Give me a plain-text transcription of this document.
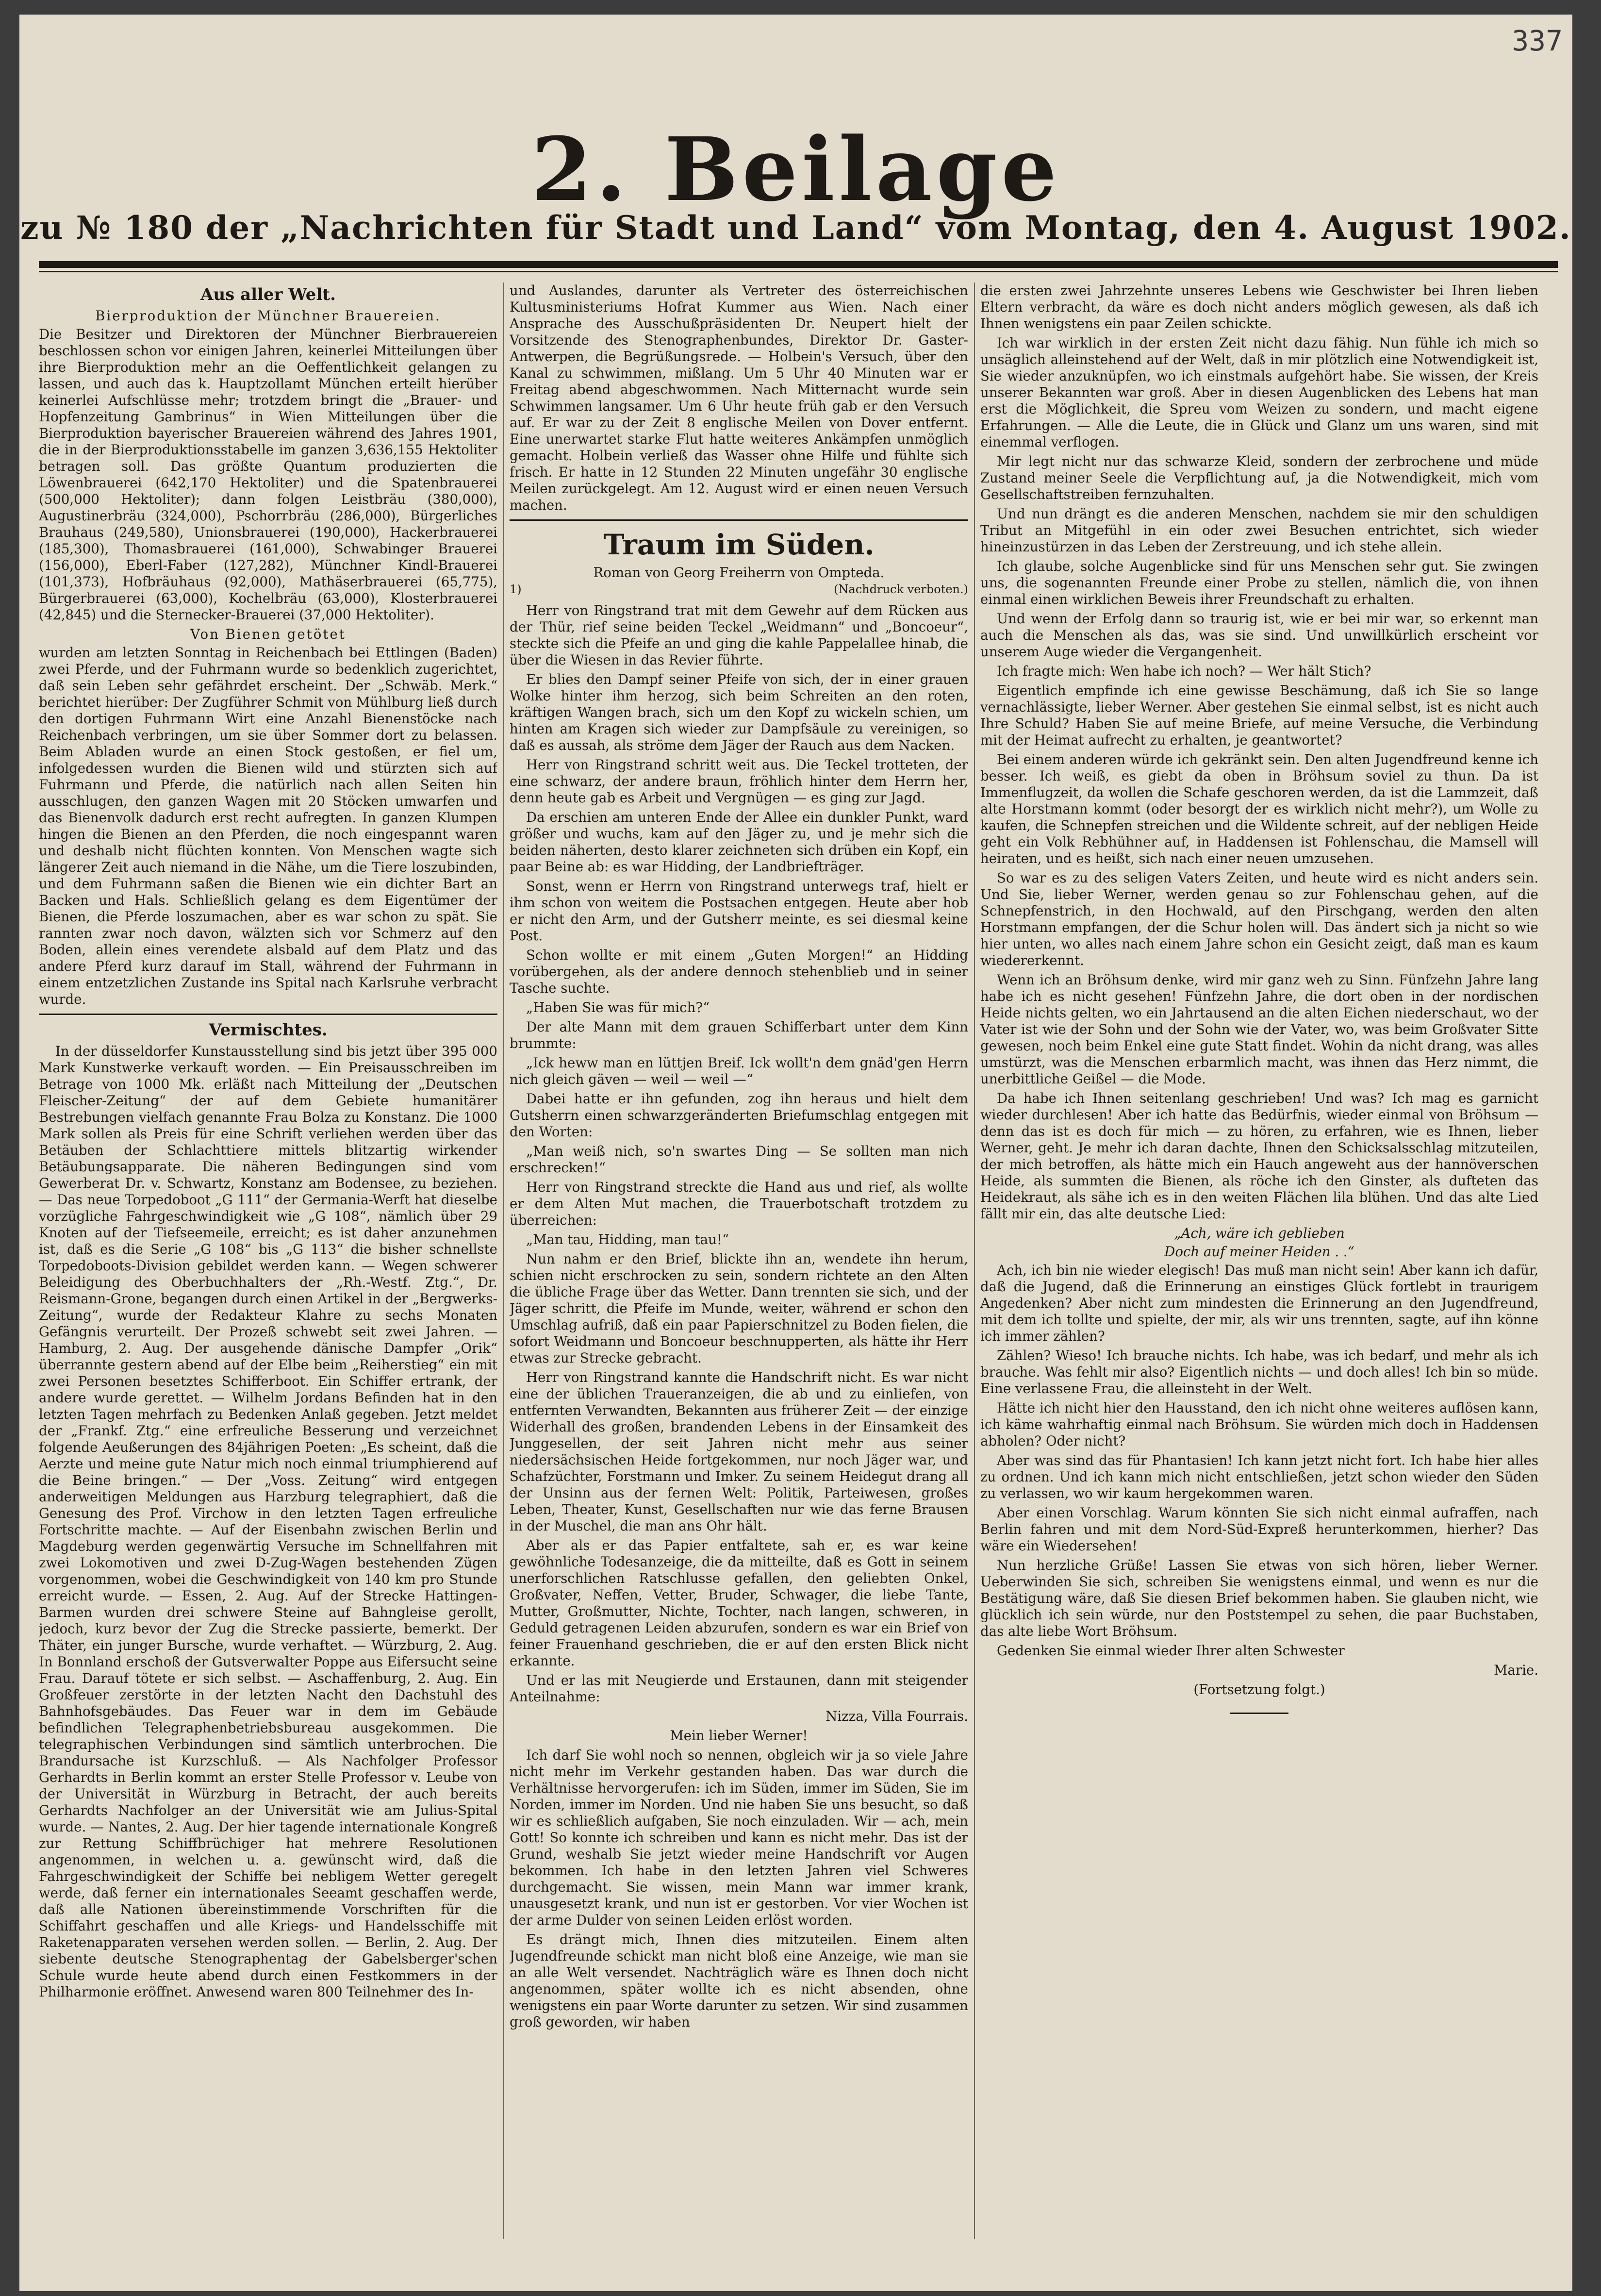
337
2. Beilage
zu № 180 der „Nachrichten für Stadt und Land“ vom Montag, den 4. August 1902.
Aus aller Welt.
Bierproduktion der Münchner Brauereien.

Die Besitzer und Direktoren der Münchner Bierbrauereien beschlossen schon vor einigen Jahren, keinerlei Mitteilungen über ihre Bierproduktion mehr an die Oeffentlichkeit gelangen zu lassen, und auch das k. Hauptzollamt München erteilt hierüber keinerlei Aufschlüsse mehr; trotzdem bringt die „Brauer- und Hopfenzeitung Gambrinus“ in Wien Mitteilungen über die Bierproduktion bayerischer Brauereien während des Jahres 1901, die in der Bierproduktionsstabelle im ganzen 3,636,155 Hektoliter betragen soll. Das größte Quantum produzierten die Löwenbrauerei (642,170 Hektoliter) und die Spatenbrauerei (500,000 Hektoliter); dann folgen Leistbräu (380,000), Augustinerbräu (324,000), Pschorrbräu (286,000), Bürgerliches Brauhaus (249,580), Unionsbrauerei (190,000), Hackerbrauerei (185,300), Thomasbrauerei (161,000), Schwabinger Brauerei (156,000), Eberl-Faber (127,282), Münchner Kindl-Brauerei (101,373), Hofbräuhaus (92,000), Mathäserbrauerei (65,775), Bürgerbrauerei (63,000), Kochelbräu (63,000), Klosterbrauerei (42,845) und die Sternecker-Brauerei (37,000 Hektoliter).

Von Bienen getötet

wurden am letzten Sonntag in Reichenbach bei Ettlingen (Baden) zwei Pferde, und der Fuhrmann wurde so bedenklich zugerichtet, daß sein Leben sehr gefährdet erscheint. Der „Schwäb. Merk.“ berichtet hierüber: Der Zugführer Schmit von Mühlburg ließ durch den dortigen Fuhrmann Wirt eine Anzahl Bienenstöcke nach Reichenbach verbringen, um sie über Sommer dort zu belassen. Beim Abladen wurde an einen Stock gestoßen, er fiel um, infolgedessen wurden die Bienen wild und stürzten sich auf Fuhrmann und Pferde, die natürlich nach allen Seiten hin ausschlugen, den ganzen Wagen mit 20 Stöcken umwarfen und das Bienenvolk dadurch erst recht aufregten. In ganzen Klumpen hingen die Bienen an den Pferden, die noch eingespannt waren und deshalb nicht flüchten konnten. Von Menschen wagte sich längerer Zeit auch niemand in die Nähe, um die Tiere loszubinden, und dem Fuhrmann saßen die Bienen wie ein dichter Bart an Backen und Hals. Schließlich gelang es dem Eigentümer der Bienen, die Pferde loszumachen, aber es war schon zu spät. Sie rannten zwar noch davon, wälzten sich vor Schmerz auf den Boden, allein eines verendete alsbald auf dem Platz und das andere Pferd kurz darauf im Stall, während der Fuhrmann in einem entzetzlichen Zustande ins Spital nach Karlsruhe verbracht wurde.

Vermischtes.

In der düsseldorfer Kunstausstellung sind bis jetzt über 395 000 Mark Kunstwerke verkauft worden. — Ein Preisausschreiben im Betrage von 1000 Mk. erläßt nach Mitteilung der „Deutschen Fleischer-Zeitung“ der auf dem Gebiete humanitärer Bestrebungen vielfach genannte Frau Bolza zu Konstanz. Die 1000 Mark sollen als Preis für eine Schrift verliehen werden über das Betäuben der Schlachttiere mittels blitzartig wirkender Betäubungsapparate. Die näheren Bedingungen sind vom Gewerberat Dr. v. Schwartz, Konstanz am Bodensee, zu beziehen. — Das neue Torpedoboot „G 111“ der Germania-Werft hat dieselbe vorzügliche Fahrgeschwindigkeit wie „G 108“, nämlich über 29 Knoten auf der Tiefseemeile, erreicht; es ist daher anzunehmen ist, daß es die Serie „G 108“ bis „G 113“ die bisher schnellste Torpedoboots-Division gebildet werden kann. — Wegen schwerer Beleidigung des Oberbuchhalters der „Rh.-Westf. Ztg.“, Dr. Reismann-Grone, begangen durch einen Artikel in der „Bergwerks-Zeitung“, wurde der Redakteur Klahre zu sechs Monaten Gefängnis verurteilt. Der Prozeß schwebt seit zwei Jahren. — Hamburg, 2. Aug. Der ausgehende dänische Dampfer „Orik“ überrannte gestern abend auf der Elbe beim „Reiherstieg“ ein mit zwei Personen besetztes Schifferboot. Ein Schiffer ertrank, der andere wurde gerettet. — Wilhelm Jordans Befinden hat in den letzten Tagen mehrfach zu Bedenken Anlaß gegeben. Jetzt meldet der „Frankf. Ztg.“ eine erfreuliche Besserung und verzeichnet folgende Aeußerungen des 84jährigen Poeten: „Es scheint, daß die Aerzte und meine gute Natur mich noch einmal triumphierend auf die Beine bringen.“ — Der „Voss. Zeitung“ wird entgegen anderweitigen Meldungen aus Harzburg telegraphiert, daß die Genesung des Prof. Virchow in den letzten Tagen erfreuliche Fortschritte machte. — Auf der Eisenbahn zwischen Berlin und Magdeburg werden gegenwärtig Versuche im Schnellfahren mit zwei Lokomotiven und zwei D-Zug-Wagen bestehenden Zügen vorgenommen, wobei die Geschwindigkeit von 140 km pro Stunde erreicht wurde. — Essen, 2. Aug. Auf der Strecke Hattingen-Barmen wurden drei schwere Steine auf Bahngleise gerollt, jedoch, kurz bevor der Zug die Strecke passierte, bemerkt. Der Thäter, ein junger Bursche, wurde verhaftet. — Würzburg, 2. Aug. In Bonnland erschoß der Gutsverwalter Poppe aus Eifersucht seine Frau. Darauf tötete er sich selbst. — Aschaffenburg, 2. Aug. Ein Großfeuer zerstörte in der letzten Nacht den Dachstuhl des Bahnhofsgebäudes. Das Feuer war in dem im Gebäude befindlichen Telegraphenbetriebsbureau ausgekommen. Die telegraphischen Verbindungen sind sämtlich unterbrochen. Die Brandursache ist Kurzschluß. — Als Nachfolger Professor Gerhardts in Berlin kommt an erster Stelle Professor v. Leube von der Universität in Würzburg in Betracht, der auch bereits Gerhardts Nachfolger an der Universität wie am Julius-Spital wurde. — Nantes, 2. Aug. Der hier tagende internationale Kongreß zur Rettung Schiffbrüchiger hat mehrere Resolutionen angenommen, in welchen u. a. gewünscht wird, daß die Fahrgeschwindigkeit der Schiffe bei nebligem Wetter geregelt werde, daß ferner ein internationales Seeamt geschaffen werde, daß alle Nationen übereinstimmende Vorschriften für die Schiffahrt geschaffen und alle Kriegs- und Handelsschiffe mit Raketenapparaten versehen werden sollen. — Berlin, 2. Aug. Der siebente deutsche Stenographentag der Gabelsberger'schen Schule wurde heute abend durch einen Festkommers in der Philharmonie eröffnet. Anwesend waren 800 Teilnehmer des In-

und Auslandes, darunter als Vertreter des österreichischen Kultusministeriums Hofrat Kummer aus Wien. Nach einer Ansprache des Ausschußpräsidenten Dr. Neupert hielt der Vorsitzende des Stenographenbundes, Direktor Dr. Gaster-Antwerpen, die Begrüßungsrede. — Holbein's Versuch, über den Kanal zu schwimmen, mißlang. Um 5 Uhr 40 Minuten war er Freitag abend abgeschwommen. Nach Mitternacht wurde sein Schwimmen langsamer. Um 6 Uhr heute früh gab er den Versuch auf. Er war zu der Zeit 8 englische Meilen von Dover entfernt. Eine unerwartet starke Flut hatte weiteres Ankämpfen unmöglich gemacht. Holbein verließ das Wasser ohne Hilfe und fühlte sich frisch. Er hatte in 12 Stunden 22 Minuten ungefähr 30 englische Meilen zurückgelegt. Am 12. August wird er einen neuen Versuch machen.

Traum im Süden.
Roman von Georg Freiherrn von Ompteda.
1)	(Nachdruck verboten.)

Herr von Ringstrand trat mit dem Gewehr auf dem Rücken aus der Thür, rief seine beiden Teckel „Weidmann“ und „Boncoeur“, steckte sich die Pfeife an und ging die kahle Pappelallee hinab, die über die Wiesen in das Revier führte.

Er blies den Dampf seiner Pfeife von sich, der in einer grauen Wolke hinter ihm herzog, sich beim Schreiten an den roten, kräftigen Wangen brach, sich um den Kopf zu wickeln schien, um hinten am Kragen sich wieder zur Dampfsäule zu vereinigen, so daß es aussah, als ströme dem Jäger der Rauch aus dem Nacken.

Herr von Ringstrand schritt weit aus. Die Teckel trotteten, der eine schwarz, der andere braun, fröhlich hinter dem Herrn her, denn heute gab es Arbeit und Vergnügen — es ging zur Jagd.

Da erschien am unteren Ende der Allee ein dunkler Punkt, ward größer und wuchs, kam auf den Jäger zu, und je mehr sich die beiden näherten, desto klarer zeichneten sich drüben ein Kopf, ein paar Beine ab: es war Hidding, der Landbriefträger.

Sonst, wenn er Herrn von Ringstrand unterwegs traf, hielt er ihm schon von weitem die Postsachen entgegen. Heute aber hob er nicht den Arm, und der Gutsherr meinte, es sei diesmal keine Post.

Schon wollte er mit einem „Guten Morgen!“ an Hidding vorübergehen, als der andere dennoch stehenblieb und in seiner Tasche suchte.

„Haben Sie was für mich?“

Der alte Mann mit dem grauen Schifferbart unter dem Kinn brummte:

„Ick heww man en lüttjen Breif. Ick wollt'n dem gnäd'gen Herrn nich gleich gäven — weil — weil —“

Dabei hatte er ihn gefunden, zog ihn heraus und hielt dem Gutsherrn einen schwarzgeränderten Briefumschlag entgegen mit den Worten:

„Man weiß nich, so'n swartes Ding — Se sollten man nich erschrecken!“

Herr von Ringstrand streckte die Hand aus und rief, als wollte er dem Alten Mut machen, die Trauerbotschaft trotzdem zu überreichen:

„Man tau, Hidding, man tau!“

Nun nahm er den Brief, blickte ihn an, wendete ihn herum, schien nicht erschrocken zu sein, sondern richtete an den Alten die übliche Frage über das Wetter. Dann trennten sie sich, und der Jäger schritt, die Pfeife im Munde, weiter, während er schon den Umschlag aufriß, daß ein paar Papierschnitzel zu Boden fielen, die sofort Weidmann und Boncoeur beschnupperten, als hätte ihr Herr etwas zur Strecke gebracht.

Herr von Ringstrand kannte die Handschrift nicht. Es war nicht eine der üblichen Traueranzeigen, die ab und zu einliefen, von entfernten Verwandten, Bekannten aus früherer Zeit — der einzige Widerhall des großen, brandenden Lebens in der Einsamkeit des Junggesellen, der seit Jahren nicht mehr aus seiner niedersächsischen Heide fortgekommen, nur noch Jäger war, und Schafzüchter, Forstmann und Imker. Zu seinem Heidegut drang all der Unsinn aus der fernen Welt: Politik, Parteiwesen, großes Leben, Theater, Kunst, Gesellschaften nur wie das ferne Brausen in der Muschel, die man ans Ohr hält.

Aber als er das Papier entfaltete, sah er, es war keine gewöhnliche Todesanzeige, die da mitteilte, daß es Gott in seinem unerforschlichen Ratschlusse gefallen, den geliebten Onkel, Großvater, Neffen, Vetter, Bruder, Schwager, die liebe Tante, Mutter, Großmutter, Nichte, Tochter, nach langen, schweren, in Geduld getragenen Leiden abzurufen, sondern es war ein Brief von feiner Frauenhand geschrieben, die er auf den ersten Blick nicht erkannte.

Und er las mit Neugierde und Erstaunen, dann mit steigender Anteilnahme:

Nizza, Villa Fourrais.

Mein lieber Werner!

Ich darf Sie wohl noch so nennen, obgleich wir ja so viele Jahre nicht mehr im Verkehr gestanden haben. Das war durch die Verhältnisse hervorgerufen: ich im Süden, immer im Süden, Sie im Norden, immer im Norden. Und nie haben Sie uns besucht, so daß wir es schließlich aufgaben, Sie noch einzuladen. Wir — ach, mein Gott! So konnte ich schreiben und kann es nicht mehr. Das ist der Grund, weshalb Sie jetzt wieder meine Handschrift vor Augen bekommen. Ich habe in den letzten Jahren viel Schweres durchgemacht. Sie wissen, mein Mann war immer krank, unausgesetzt krank, und nun ist er gestorben. Vor vier Wochen ist der arme Dulder von seinen Leiden erlöst worden.

Es drängt mich, Ihnen dies mitzuteilen. Einem alten Jugendfreunde schickt man nicht bloß eine Anzeige, wie man sie an alle Welt versendet. Nachträglich wäre es Ihnen doch nicht angenommen, später wollte ich es nicht absenden, ohne wenigstens ein paar Worte darunter zu setzen. Wir sind zusammen groß geworden, wir haben

die ersten zwei Jahrzehnte unseres Lebens wie Geschwister bei Ihren lieben Eltern verbracht, da wäre es doch nicht anders möglich gewesen, als daß ich Ihnen wenigstens ein paar Zeilen schickte.

Ich war wirklich in der ersten Zeit nicht dazu fähig. Nun fühle ich mich so unsäglich alleinstehend auf der Welt, daß in mir plötzlich eine Notwendigkeit ist, Sie wieder anzuknüpfen, wo ich einstmals aufgehört habe. Sie wissen, der Kreis unserer Bekannten war groß. Aber in diesen Augenblicken des Lebens hat man erst die Möglichkeit, die Spreu vom Weizen zu sondern, und macht eigene Erfahrungen. — Alle die Leute, die in Glück und Glanz um uns waren, sind mit einemmal verflogen.

Mir legt nicht nur das schwarze Kleid, sondern der zerbrochene und müde Zustand meiner Seele die Verpflichtung auf, ja die Notwendigkeit, mich vom Gesellschaftstreiben fernzuhalten.

Und nun drängt es die anderen Menschen, nachdem sie mir den schuldigen Tribut an Mitgefühl in ein oder zwei Besuchen entrichtet, sich wieder hineinzustürzen in das Leben der Zerstreuung, und ich stehe allein.

Ich glaube, solche Augenblicke sind für uns Menschen sehr gut. Sie zwingen uns, die sogenannten Freunde einer Probe zu stellen, nämlich die, von ihnen einmal einen wirklichen Beweis ihrer Freundschaft zu erhalten.

Und wenn der Erfolg dann so traurig ist, wie er bei mir war, so erkennt man auch die Menschen als das, was sie sind. Und unwillkürlich erscheint vor unserem Auge wieder die Vergangenheit.

Ich fragte mich: Wen habe ich noch? — Wer hält Stich?

Eigentlich empfinde ich eine gewisse Beschämung, daß ich Sie so lange vernachlässigte, lieber Werner. Aber gestehen Sie einmal selbst, ist es nicht auch Ihre Schuld? Haben Sie auf meine Briefe, auf meine Versuche, die Verbindung mit der Heimat aufrecht zu erhalten, je geantwortet?

Bei einem anderen würde ich gekränkt sein. Den alten Jugendfreund kenne ich besser. Ich weiß, es giebt da oben in Bröhsum soviel zu thun. Da ist Immenflugzeit, da wollen die Schafe geschoren werden, da ist die Lammzeit, daß alte Horstmann kommt (oder besorgt der es wirklich nicht mehr?), um Wolle zu kaufen, die Schnepfen streichen und die Wildente schreit, auf der nebligen Heide geht ein Volk Rebhühner auf, in Haddensen ist Fohlenschau, die Mamsell will heiraten, und es heißt, sich nach einer neuen umzusehen.

So war es zu des seligen Vaters Zeiten, und heute wird es nicht anders sein. Und Sie, lieber Werner, werden genau so zur Fohlenschau gehen, auf die Schnepfenstrich, in den Hochwald, auf den Pirschgang, werden den alten Horstmann empfangen, der die Schur holen will. Das ändert sich ja nicht so wie hier unten, wo alles nach einem Jahre schon ein Gesicht zeigt, daß man es kaum wiedererkennt.

Wenn ich an Bröhsum denke, wird mir ganz weh zu Sinn. Fünfzehn Jahre lang habe ich es nicht gesehen! Fünfzehn Jahre, die dort oben in der nordischen Heide nichts gelten, wo ein Jahrtausend an die alten Eichen niederschaut, wo der Vater ist wie der Sohn und der Sohn wie der Vater, wo, was beim Großvater Sitte gewesen, noch beim Enkel eine gute Statt findet. Wohin da nicht drang, was alles umstürzt, was die Menschen erbarmlich macht, was ihnen das Herz nimmt, die unerbittliche Geißel — die Mode.

Da habe ich Ihnen seitenlang geschrieben! Und was? Ich mag es garnicht wieder durchlesen! Aber ich hatte das Bedürfnis, wieder einmal von Bröhsum — denn das ist es doch für mich — zu hören, zu erfahren, wie es Ihnen, lieber Werner, geht. Je mehr ich daran dachte, Ihnen den Schicksalsschlag mitzuteilen, der mich betroffen, als hätte mich ein Hauch angeweht aus der hannöverschen Heide, als summten die Bienen, als röche ich den Ginster, als dufteten das Heidekraut, als sähe ich es in den weiten Flächen lila blühen. Und das alte Lied fällt mir ein, das alte deutsche Lied:

„Ach, wäre ich geblieben
Doch auf meiner Heiden . .“

Ach, ich bin nie wieder elegisch! Das muß man nicht sein! Aber kann ich dafür, daß die Jugend, daß die Erinnerung an einstiges Glück fortlebt in traurigem Angedenken? Aber nicht zum mindesten die Erinnerung an den Jugendfreund, mit dem ich tollte und spielte, der mir, als wir uns trennten, sagte, auf ihn könne ich immer zählen?

Zählen? Wieso! Ich brauche nichts. Ich habe, was ich bedarf, und mehr als ich brauche. Was fehlt mir also? Eigentlich nichts — und doch alles! Ich bin so müde. Eine verlassene Frau, die alleinsteht in der Welt.

Hätte ich nicht hier den Hausstand, den ich nicht ohne weiteres auflösen kann, ich käme wahrhaftig einmal nach Bröhsum. Sie würden mich doch in Haddensen abholen? Oder nicht?

Aber was sind das für Phantasien! Ich kann jetzt nicht fort. Ich habe hier alles zu ordnen. Und ich kann mich nicht entschließen, jetzt schon wieder den Süden zu verlassen, wo wir kaum hergekommen waren.

Aber einen Vorschlag. Warum könnten Sie sich nicht einmal aufraffen, nach Berlin fahren und mit dem Nord-Süd-Expreß herunterkommen, hierher? Das wäre ein Wiedersehen!

Nun herzliche Grüße! Lassen Sie etwas von sich hören, lieber Werner. Ueberwinden Sie sich, schreiben Sie wenigstens einmal, und wenn es nur die Bestätigung wäre, daß Sie diesen Brief bekommen haben. Sie glauben nicht, wie glücklich ich sein würde, nur den Poststempel zu sehen, die paar Buchstaben, das alte liebe Wort Bröhsum.

Gedenken Sie einmal wieder Ihrer alten Schwester

Marie.

(Fortsetzung folgt.)
